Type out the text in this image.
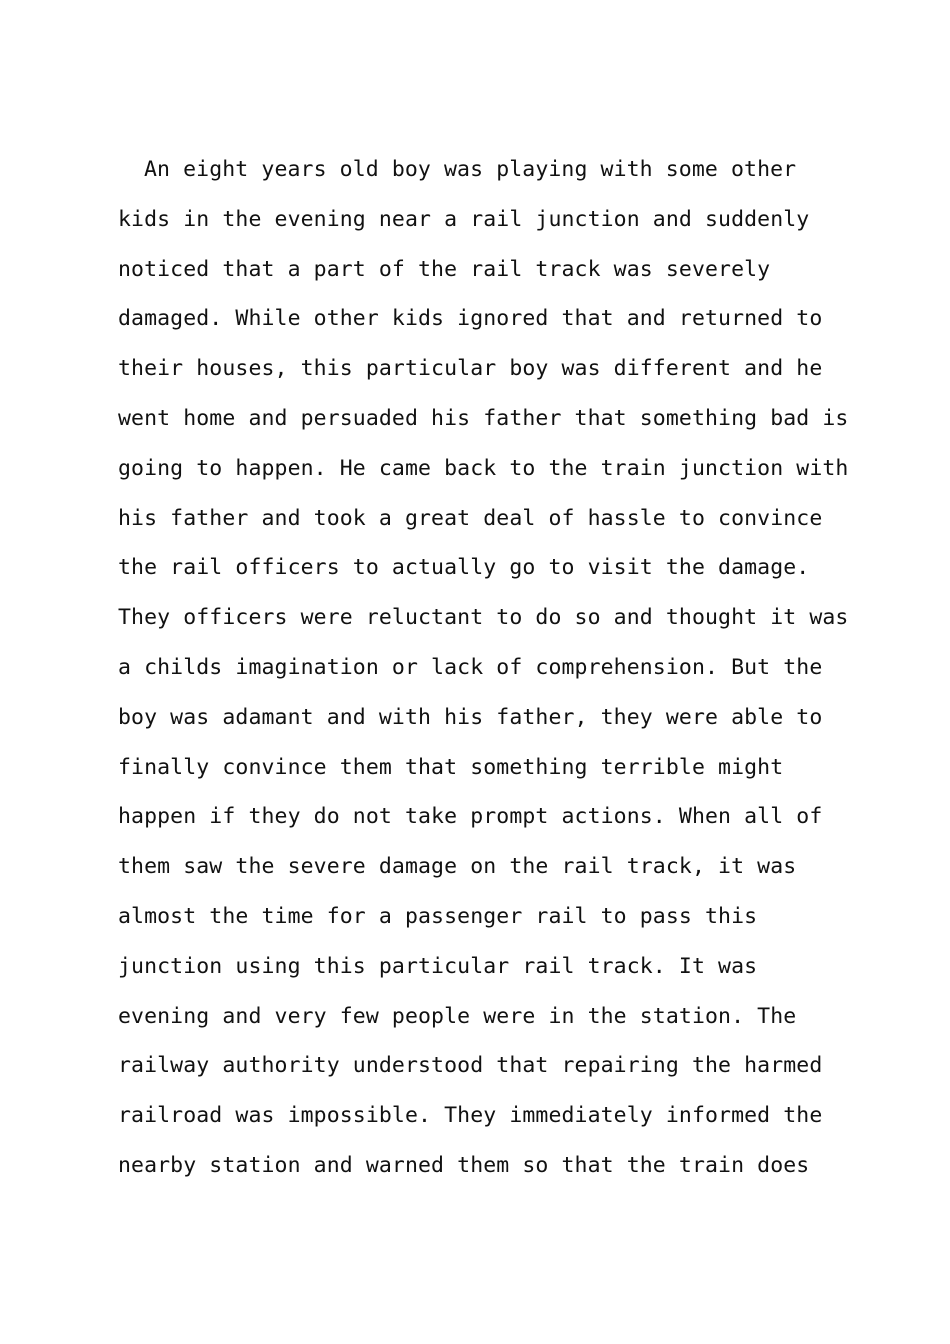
An eight years old boy was playing with some other
kids in the evening near a rail junction and suddenly
noticed that a part of the rail track was severely
damaged. While other kids ignored that and returned to
their houses, this particular boy was different and he
went home and persuaded his father that something bad is
going to happen. He came back to the train junction with
his father and took a great deal of hassle to convince
the rail officers to actually go to visit the damage.
They officers were reluctant to do so and thought it was
a childs imagination or lack of comprehension. But the
boy was adamant and with his father, they were able to
finally convince them that something terrible might
happen if they do not take prompt actions. When all of
them saw the severe damage on the rail track, it was
almost the time for a passenger rail to pass this
junction using this particular rail track. It was
evening and very few people were in the station. The
railway authority understood that repairing the harmed
railroad was impossible. They immediately informed the
nearby station and warned them so that the train does
